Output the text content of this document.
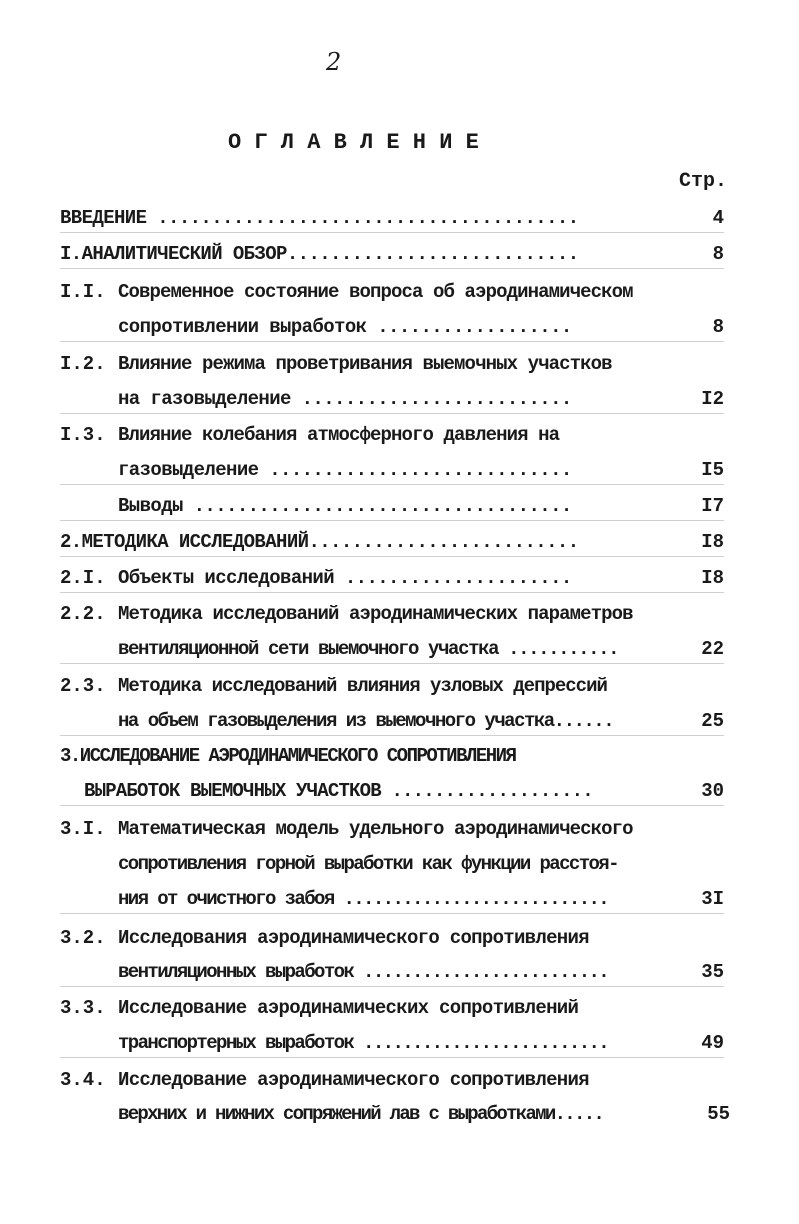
2
ОГЛАВЛЕНИЕ
Стр.
ВВЕДЕНИЕ .......................................	4
I.АНАЛИТИЧЕСКИЙ ОБЗОР...........................	8
I.I. Современное состояние вопроса об аэродинамическом
сопротивлении выработок ..................	8
I.2. Влияние режима проветривания выемочных участков
на газовыделение .........................	I2
I.3. Влияние колебания атмосферного давления на
газовыделение ............................	I5
Выводы ...................................	I7
2.МЕТОДИКА ИССЛЕДОВАНИЙ.........................	I8
2.I. Объекты исследований .....................	I8
2.2. Методика исследований аэродинамических параметров
вентиляционной сети выемочного участка ...........	22
2.3. Методика исследований влияния узловых депрессий
на объем газовыделения из выемочного участка......	25
3.ИССЛЕДОВАНИЕ АЭРОДИНАМИЧЕСКОГО СОПРОТИВЛЕНИЯ
ВЫРАБОТОК ВЫЕМОЧНЫХ УЧАСТКОВ ...................	30
3.I. Математическая модель удельного аэродинамического
сопротивления горной выработки как функции расстоя-
ния от очистного забоя ...........................	3I
3.2. Исследования аэродинамического сопротивления
вентиляционных выработок .........................	35
3.3. Исследование аэродинамических сопротивлений
транспортерных выработок .........................	49
3.4. Исследование аэродинамического сопротивления
верхних и нижних сопряжений лав с выработками.....	55
